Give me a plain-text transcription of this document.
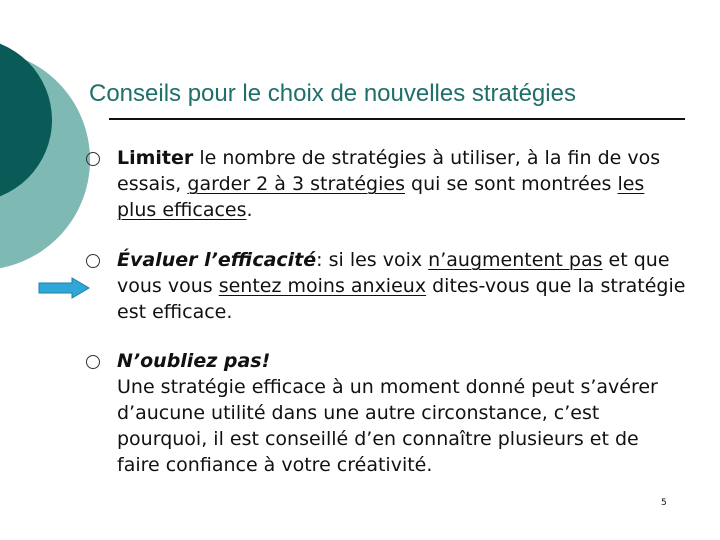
Conseils pour le choix de nouvelles stratégies
Limiter le nombre de stratégies à utiliser, à la fin de vos essais, garder 2 à 3 stratégies qui se sont montrées les plus efficaces.
Évaluer l’efficacité: si les voix n’augmentent pas et que vous vous sentez moins anxieux dites-vous que la stratégie est efficace.
N’oubliez pas!
Une stratégie efficace à un moment donné peut s’avérer d’aucune utilité dans une autre circonstance, c’est pourquoi, il est conseillé d’en connaître plusieurs et de faire confiance à votre créativité.
5
